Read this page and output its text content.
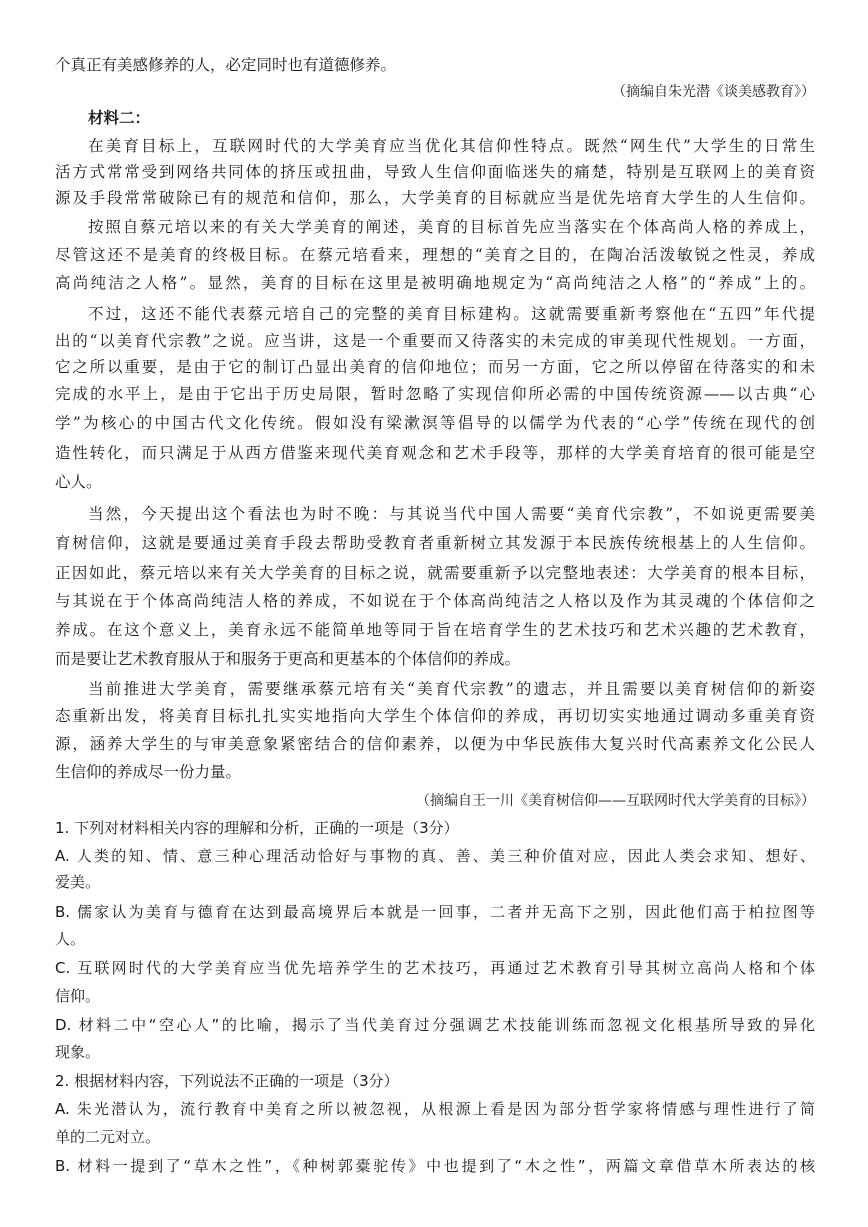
个真正有美感修养的人，必定同时也有道德修养。
（摘编自朱光潜《谈美感教育》）
材料二：
在美育目标上，互联网时代的大学美育应当优化其信仰性特点。既然“网生代”大学生的日常生
活方式常常受到网络共同体的挤压或扭曲，导致人生信仰面临迷失的痛楚，特别是互联网上的美育资
源及手段常常破除已有的规范和信仰，那么，大学美育的目标就应当是优先培育大学生的人生信仰。
按照自蔡元培以来的有关大学美育的阐述，美育的目标首先应当落实在个体高尚人格的养成上，
尽管这还不是美育的终极目标。在蔡元培看来，理想的“美育之目的，在陶冶活泼敏锐之性灵，养成
高尚纯洁之人格”。显然，美育的目标在这里是被明确地规定为“高尚纯洁之人格”的“养成”上的。
不过，这还不能代表蔡元培自己的完整的美育目标建构。这就需要重新考察他在“五四”年代提
出的“以美育代宗教”之说。应当讲，这是一个重要而又待落实的未完成的审美现代性规划。一方面，
它之所以重要，是由于它的制订凸显出美育的信仰地位；而另一方面，它之所以停留在待落实的和未
完成的水平上，是由于它出于历史局限，暂时忽略了实现信仰所必需的中国传统资源——以古典“心
学”为核心的中国古代文化传统。假如没有梁漱溟等倡导的以儒学为代表的“心学”传统在现代的创
造性转化，而只满足于从西方借鉴来现代美育观念和艺术手段等，那样的大学美育培育的很可能是空
心人。
当然，今天提出这个看法也为时不晚：与其说当代中国人需要“美育代宗教”，不如说更需要美
育树信仰，这就是要通过美育手段去帮助受教育者重新树立其发源于本民族传统根基上的人生信仰。
正因如此，蔡元培以来有关大学美育的目标之说，就需要重新予以完整地表述：大学美育的根本目标，
与其说在于个体高尚纯洁人格的养成，不如说在于个体高尚纯洁之人格以及作为其灵魂的个体信仰之
养成。在这个意义上，美育永远不能简单地等同于旨在培育学生的艺术技巧和艺术兴趣的艺术教育，
而是要让艺术教育服从于和服务于更高和更基本的个体信仰的养成。
当前推进大学美育，需要继承蔡元培有关“美育代宗教”的遗志，并且需要以美育树信仰的新姿
态重新出发，将美育目标扎扎实实地指向大学生个体信仰的养成，再切切实实地通过调动多重美育资
源，涵养大学生的与审美意象紧密结合的信仰素养，以便为中华民族伟大复兴时代高素养文化公民人
生信仰的养成尽一份力量。
（摘编自王一川《美育树信仰——互联网时代大学美育的目标》）
1. 下列对材料相关内容的理解和分析，正确的一项是（3分）
A. 人类的知、情、意三种心理活动恰好与事物的真、善、美三种价值对应，因此人类会求知、想好、
爱美。
B. 儒家认为美育与德育在达到最高境界后本就是一回事，二者并无高下之别，因此他们高于柏拉图等
人。
C. 互联网时代的大学美育应当优先培养学生的艺术技巧，再通过艺术教育引导其树立高尚人格和个体
信仰。
D. 材料二中“空心人”的比喻，揭示了当代美育过分强调艺术技能训练而忽视文化根基所导致的异化
现象。
2. 根据材料内容，下列说法不正确的一项是（3分）
A. 朱光潜认为，流行教育中美育之所以被忽视，从根源上看是因为部分哲学家将情感与理性进行了简
单的二元对立。
B. 材料一提到了“草木之性”，《种树郭橐驼传》中也提到了“木之性”，两篇文章借草木所表达的核
